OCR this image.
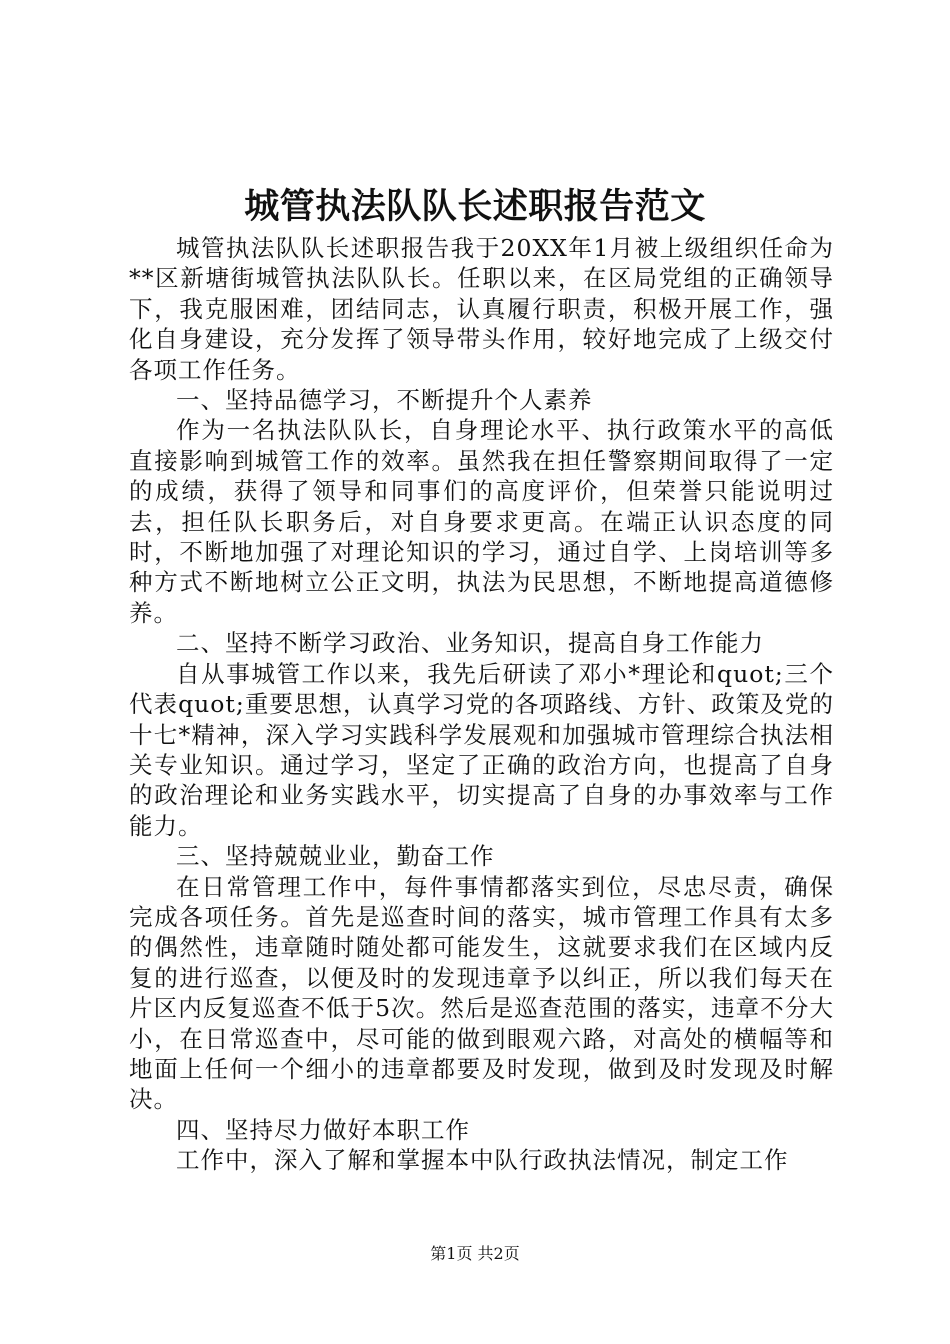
城管执法队队长述职报告范文

城管执法队队长述职报告我于20XX年1月被上级组织任命为**区新塘街城管执法队队长。任职以来，在区局党组的正确领导下，我克服困难，团结同志，认真履行职责，积极开展工作，强化自身建设，充分发挥了领导带头作用，较好地完成了上级交付各项工作任务。

一、坚持品德学习，不断提升个人素养

作为一名执法队队长，自身理论水平、执行政策水平的高低直接影响到城管工作的效率。虽然我在担任警察期间取得了一定的成绩，获得了领导和同事们的高度评价，但荣誉只能说明过去，担任队长职务后，对自身要求更高。在端正认识态度的同时，不断地加强了对理论知识的学习，通过自学、上岗培训等多种方式不断地树立公正文明，执法为民思想，不断地提高道德修养。

二、坚持不断学习政治、业务知识，提高自身工作能力

自从事城管工作以来，我先后研读了邓小*理论和quot;三个代表quot;重要思想，认真学习党的各项路线、方针、政策及党的十七*精神，深入学习实践科学发展观和加强城市管理综合执法相关专业知识。通过学习，坚定了正确的政治方向，也提高了自身的政治理论和业务实践水平，切实提高了自身的办事效率与工作能力。

三、坚持兢兢业业，勤奋工作

在日常管理工作中，每件事情都落实到位，尽忠尽责，确保完成各项任务。首先是巡查时间的落实，城市管理工作具有太多的偶然性，违章随时随处都可能发生，这就要求我们在区域内反复的进行巡查，以便及时的发现违章予以纠正，所以我们每天在片区内反复巡查不低于5次。然后是巡查范围的落实，违章不分大小，在日常巡查中，尽可能的做到眼观六路，对高处的横幅等和地面上任何一个细小的违章都要及时发现，做到及时发现及时解决。

四、坚持尽力做好本职工作

工作中，深入了解和掌握本中队行政执法情况，制定工作

第1页 共2页
